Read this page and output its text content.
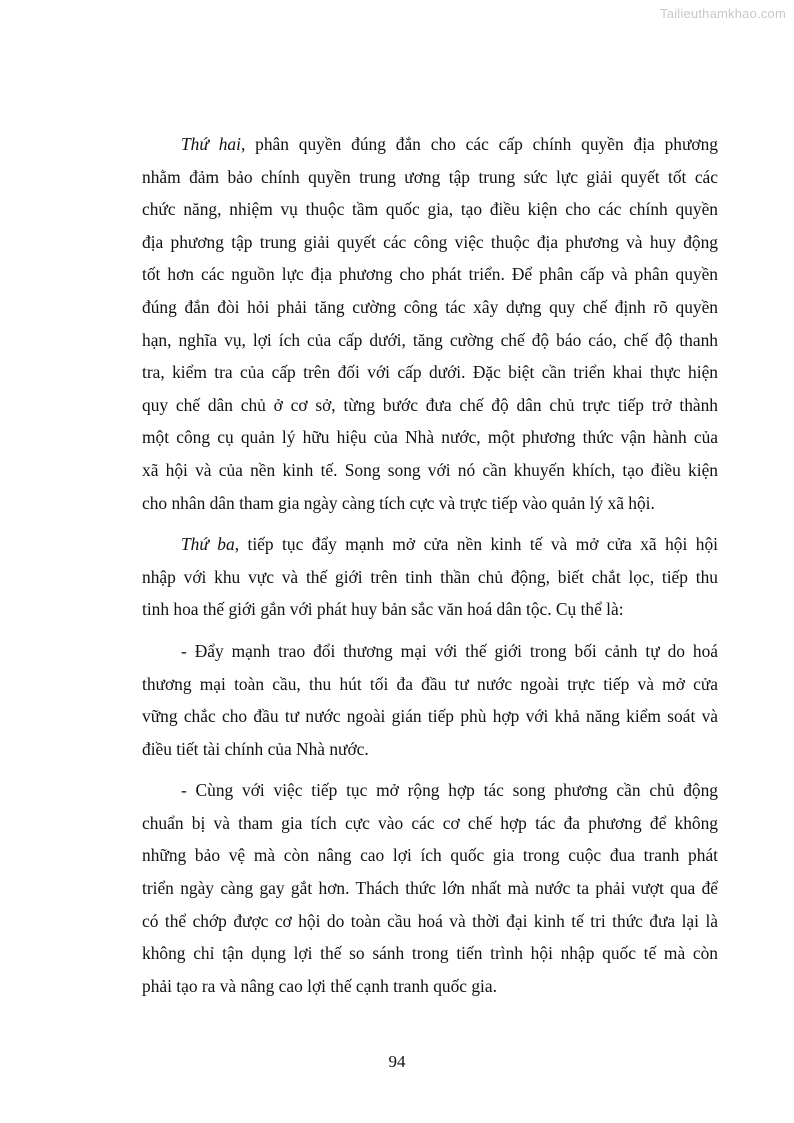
Tailieuthamkhao.com

Thứ hai, phân quyền đúng đắn cho các cấp chính quyền địa phương
nhằm đảm bảo chính quyền trung ương tập trung sức lực giải quyết tốt các
chức năng, nhiệm vụ thuộc tầm quốc gia, tạo điều kiện cho các chính quyền
địa phương tập trung giải quyết các công việc thuộc địa phương và huy động
tốt hơn các nguồn lực địa phương cho phát triển. Để phân cấp và phân quyền
đúng đắn đòi hỏi phải tăng cường công tác xây dựng quy chế định rõ quyền
hạn, nghĩa vụ, lợi ích của cấp dưới, tăng cường chế độ báo cáo, chế độ thanh
tra, kiểm tra của cấp trên đối với cấp dưới. Đặc biệt cần triển khai thực hiện
quy chế dân chủ ở cơ sở, từng bước đưa chế độ dân chủ trực tiếp trở thành
một công cụ quản lý hữu hiệu của Nhà nước, một phương thức vận hành của
xã hội và của nền kinh tế. Song song với nó cần khuyến khích, tạo điều kiện
cho nhân dân tham gia ngày càng tích cực và trực tiếp vào quản lý xã hội.

Thứ ba, tiếp tục đẩy mạnh mở cửa nền kinh tế và mở cửa xã hội hội
nhập với khu vực và thế giới trên tinh thần chủ động, biết chắt lọc, tiếp thu
tinh hoa thế giới gắn với phát huy bản sắc văn hoá dân tộc. Cụ thể là:

- Đẩy mạnh trao đổi thương mại với thế giới trong bối cảnh tự do hoá
thương mại toàn cầu, thu hút tối đa đầu tư nước ngoài trực tiếp và mở cửa
vững chắc cho đầu tư nước ngoài gián tiếp phù hợp với khả năng kiểm soát và
điều tiết tài chính của Nhà nước.

- Cùng với việc tiếp tục mở rộng hợp tác song phương cần chủ động
chuẩn bị và tham gia tích cực vào các cơ chế hợp tác đa phương để không
những bảo vệ mà còn nâng cao lợi ích quốc gia trong cuộc đua tranh phát
triển ngày càng gay gắt hơn. Thách thức lớn nhất mà nước ta phải vượt qua để
có thể chớp được cơ hội do toàn cầu hoá và thời đại kinh tế tri thức đưa lại là
không chỉ tận dụng lợi thế so sánh trong tiến trình hội nhập quốc tế mà còn
phải tạo ra và nâng cao lợi thế cạnh tranh quốc gia.

94
